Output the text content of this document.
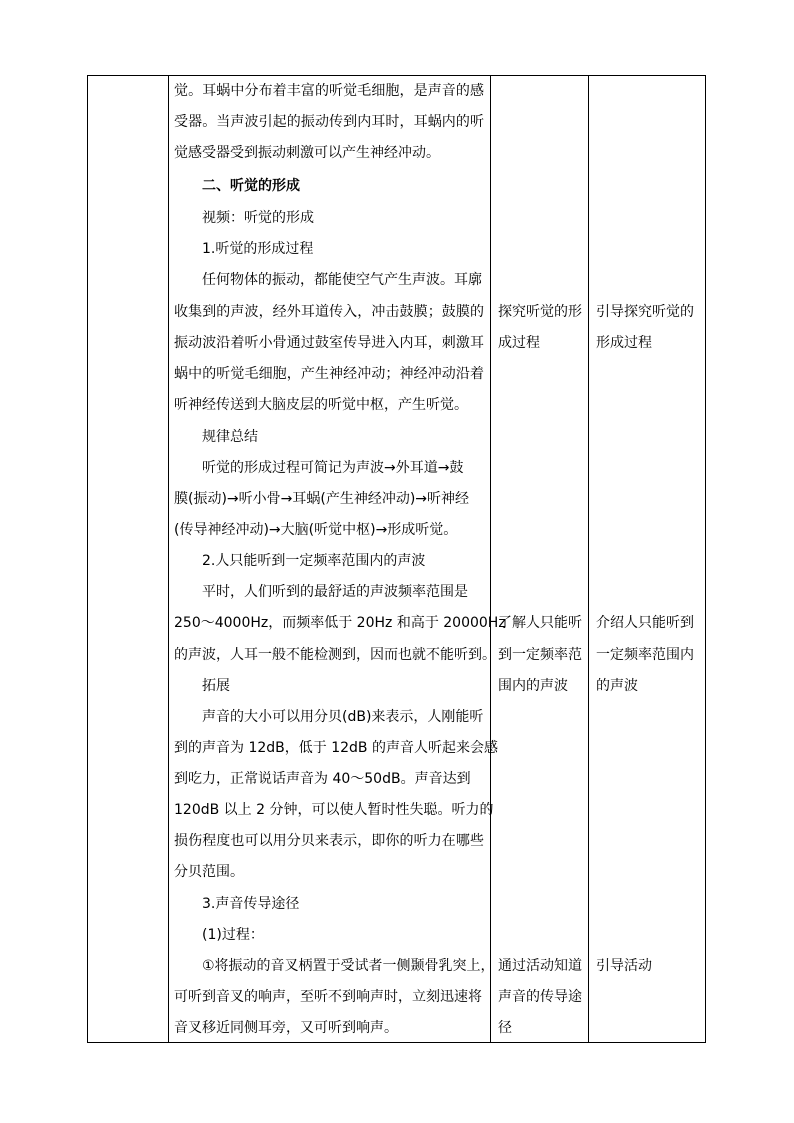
觉。耳蜗中分布着丰富的听觉毛细胞，是声音的感
受器。当声波引起的振动传到内耳时，耳蜗内的听
觉感受器受到振动刺激可以产生神经冲动。
二、听觉的形成
视频：听觉的形成
1.听觉的形成过程
任何物体的振动，都能使空气产生声波。耳廓
收集到的声波，经外耳道传入，冲击鼓膜；鼓膜的
振动波沿着听小骨通过鼓室传导进入内耳，刺激耳
蜗中的听觉毛细胞，产生神经冲动；神经冲动沿着
听神经传送到大脑皮层的听觉中枢，产生听觉。
规律总结
听觉的形成过程可简记为声波→外耳道→鼓
膜(振动)→听小骨→耳蜗(产生神经冲动)→听神经
(传导神经冲动)→大脑(听觉中枢)→形成听觉。
2.人只能听到一定频率范围内的声波
平时，人们听到的最舒适的声波频率范围是
250～4000Hz，而频率低于 20Hz 和高于 20000Hz
的声波，人耳一般不能检测到，因而也就不能听到。
拓展
声音的大小可以用分贝(dB)来表示，人刚能听
到的声音为 12dB，低于 12dB 的声音人听起来会感
到吃力，正常说话声音为 40～50dB。声音达到
120dB 以上 2 分钟，可以使人暂时性失聪。听力的
损伤程度也可以用分贝来表示，即你的听力在哪些
分贝范围。
3.声音传导途径
(1)过程：
①将振动的音叉柄置于受试者一侧颞骨乳突上，
可听到音叉的响声，至听不到响声时，立刻迅速将
音叉移近同侧耳旁，又可听到响声。
探究听觉的形
成过程
了解人只能听
到一定频率范
围内的声波
通过活动知道
声音的传导途
径
引导探究听觉的
形成过程
介绍人只能听到
一定频率范围内
的声波
引导活动
